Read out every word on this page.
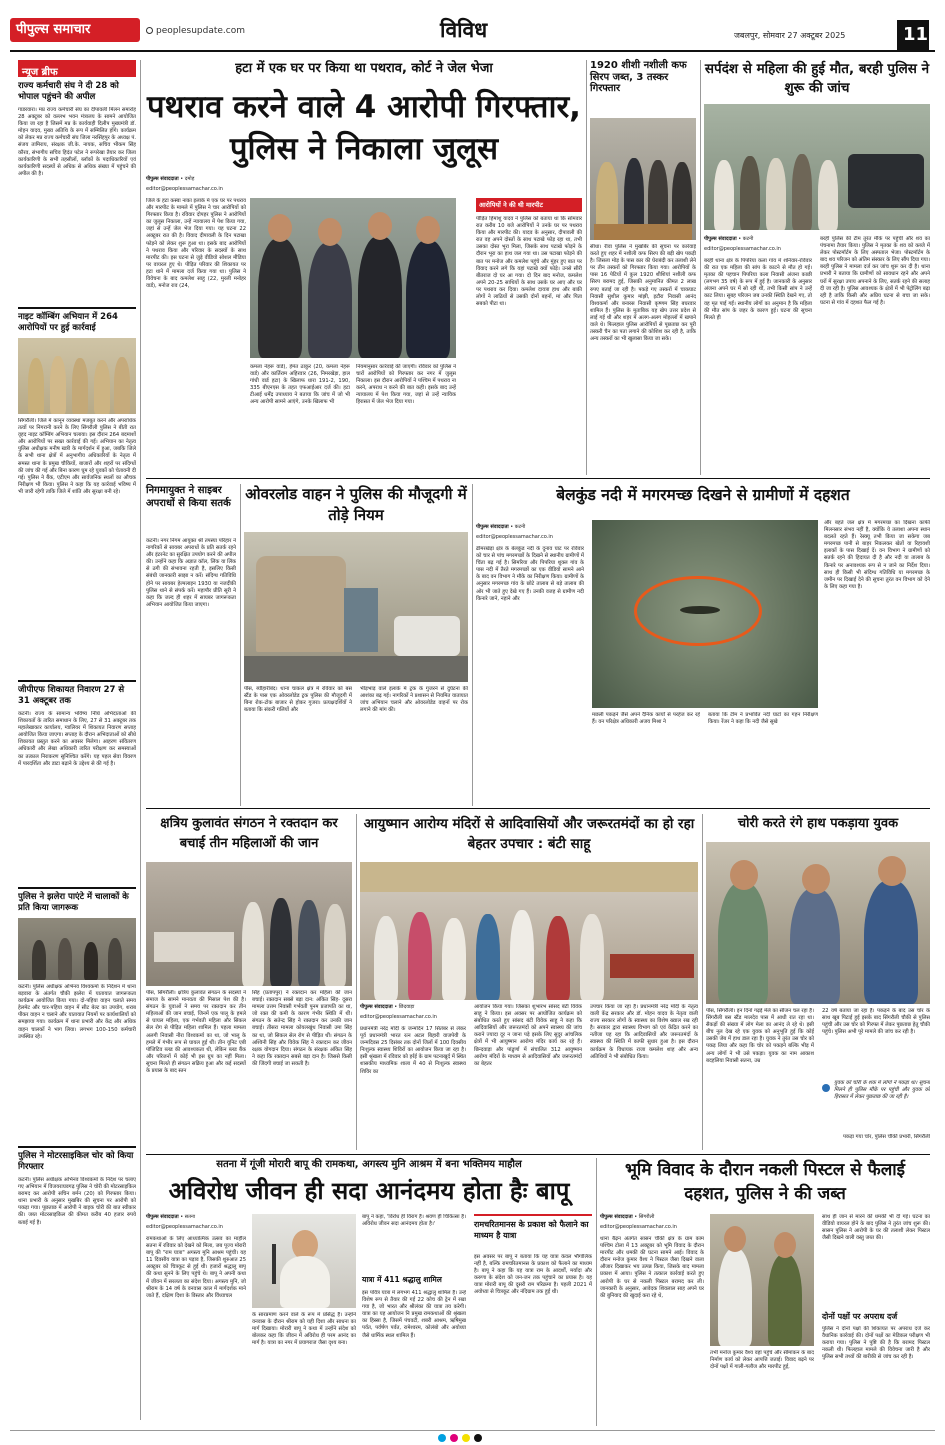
पीपुल्स समाचार	peoplesupdate.com	विविध	जबलपुर, सोमवार 27 अक्टूबर 2025	11
न्यूज ब्रीफ
राज्य कर्मचारी संघ ने दी 28 को भोपाल पहुंचने की अपील
गाडरवारा। मप्र राज्य कर्मचारी संघ का दीपावली मिलन समारोह 28 अक्टूबर को वल्लभ भवन मंत्रालय के सामने आयोजित किया जा रहा है जिसमें मप्र के कार्यवाही दिलीप मुख्यमंत्री डॉ. मोहन यादव, मुख्य अतिथि के रूप में सम्मिलित होंगे। कार्यक्रम को लेकर मप्र राज्य कर्मचारी संघ जिला नरसिंहपुर के अध्यक्ष पं. संजय तामिराय, संरक्षक जी.के. नायक, सचिव भीकम सिंह कौरव, संभागीय सचिव हिदंत पटेल ने रूपरेखा तैयार कर जिला कार्यकारिणी के सभी तहसीलों, ब्लॉकों के पदाधिकारियों एवं कार्यकारिणी सदस्यों से अधिक से अधिक संख्या में पहुंचने की अपील की है।
नाइट कॉम्बिंग अभियान में 264 आरोपियों पर हुई कार्रवाई
सिंगरौली। जिले में कानून व्यवस्था मजबूत करने और अपराधिक तत्वों पर निगरानी करने के लिए सिंगरौली पुलिस ने बीती रात वृहद नाइट कॉम्बिंग अभियान चलाया। इस दौरान 264 बदमाशों और आरोपियों पर सख्त कार्रवाई की गई। अभियान का नेतृत्व पुलिस अधीक्षक मनीष खत्री के मार्गदर्शन में हुआ, जबकि जिले के सभी थाना क्षेत्रों में अनुभागीय अधिकारियों के नेतृत्व में समस्त थाना के प्रमुख चौकियों, बाजारों और शहरों पर संदिग्धों की जांच की गई और बिना कारण घूम रहे युवकों को चेतावनी दी गई। पुलिस ने बैंक, एटीएम और सार्वजनिक स्थलों का औचक निरीक्षण भी किया। पुलिस ने कहा कि यह कार्रवाई भविष्य में भी जारी रहेगी ताकि जिले में शांति और सुरक्षा बनी रहे।
जीपीएफ शिकायत निवारण 27 से 31 अक्टूबर तक
कटनी। राज्य के सामान्य भविष्य निधि अभिदाताओं की शिकायतों के त्वरित समाधान के लिए, 27 से 31 अक्टूबर तक महालेखाकार कार्यालय, ग्वालियर में शिकायत निवारण सप्ताह आयोजित किया जाएगा। सप्ताह के दौरान अभिदाताओं को सीधे शिकायत प्रस्तुत करने का अवसर मिलेगा। आहरण संवितरण अधिकारी और लेखा अधिकारी त्वरित परीक्षण कर समस्याओं का तत्काल निराकरण सुनिश्चित करेंगे। यह पहल सेवा विवरण में पारदर्शिता और डाटा बढ़ाने के उद्देश्य से की गई है।
पुलिस ने झलेरा पाएंटे में चालाकों के प्रति किया जागरूक
कटनी। पुलिस अधीक्षक अभिनव विश्वकर्मा के निर्देशन में थाना बड़वारा के अंतर्गत चौकी झलेरा में यातायात जागरूकता कार्यक्रम आयोजित किया गया। दो-पहिया वाहन चलाते समय हेलमेट और चार-पहिया वाहन में सीट बेल्ट का उपयोग, शराब पीकर वाहन न चलाने और यातायात नियमों पर कार्यशालियों को समझाया गया। कार्यक्रम में थाना प्रभारी और केंद्र और अधिक वाहन चालकों ने भाग लिया। लगभग 100-150 कर्मचारी उपस्थित रहे।
पुलिस ने मोटरसाइकिल चोर को किया गिरफ्तार
कटनी। पुलिस अधीक्षक अभिनव विश्वकर्मा के निर्देश पर चलाए गए अभियान में विजयराघवगढ़ पुलिस ने चोरी की मोटरसाइकिल बरामद कर आरोपी सचिन बर्मन (20) को गिरफ्तार किया। थाना प्रभारी के अनुसार मुखबिर की सूचना पर आरोपी को पकड़ा गया। पूछताछ में आरोपी ने बाइक चोरी की बात स्वीकार की। जब्त मोटरसाइकिल की कीमत करीब 40 हजार रुपये बताई गई है।
हटा में एक घर पर किया था पथराव, कोर्ट ने जेल भेजा
पथराव करने वाले 4 आरोपी गिरफ्तार, पुलिस ने निकाला जुलूस
पीपुल्स संवाददाता • दमोह
editor@peoplessamachar.co.in
जिले के हटा कस्बा नाका इलाके में एक घर पर पथराव और मारपीट के मामले में पुलिस ने चार आरोपियों को गिरफ्तार किया है। रविवार दोपहर पुलिस ने आरोपियों का जुलूस निकाला, उन्हें न्यायालय में पेश किया गया, जहां से उन्हें जेल भेज दिया गया। यह घटना 22 अक्टूबर रात की है। विवाद दीपावली के दिन पटाखा फोड़ने को लेकर शुरू हुआ था। इसके बाद आरोपियों ने पथराव किया और परिवार के सदस्यों के साथ मारपीट की। इस घटना से जुड़े वीडियो सोशल मीडिया पर वायरल हुए थे। पीड़ित परिवार की शिकायत पर हटा थाने में मामला दर्ज किया गया था। पुलिस ने विवेचना के बाद कमलेश साहू (22, मुरली मनोहर वार्ड), मनोज राव (24,
कमला नेहरू वार्ड), हेमंत ठाकुर (20, कमला नेहरू वार्ड) और कार्तिराम अहिरवार (26, निमरखेड़ा, हाल गांधी वार्ड हटा) के खिलाफ धारा 191-2, 190, 335 बीएनएस के तहत एफआईआर दर्ज की। हटा टीआई धर्मेंद्र उपाध्याय ने बताया कि जांच में जो भी अन्य आरोपी सामने आएंगे, उनके खिलाफ भी
नियमानुसार कार्रवाई की जाएगी। रविवार को पुलिस ने चारों आरोपियों को गिरफ्तार कर नगर में जुलूस निकाला। इस दौरान आरोपियों ने पश्चिम में पथराव ना करने, अपराध न करने की बात कही। इसके बाद उन्हें न्यायालय में पेश किया गया, जहां से उन्हें न्यायिक हिरासत में जेल भेज दिया गया।
आरोपियों ने की थी मारपीट
पीड़ित हिमांशु यादव ने पुलिस को बताया था कि सोमवार रात करीब 10 बजे आरोपियों ने उनके घर पर पथराव किया और मारपीट की। यादव के अनुसार, दीपावली की रात वह अपने दोस्तों के साथ पटाखे फोड़ रहा था, तभी उसका दोस्त भूरा मिला, जिसके साथ पटाखे फोड़ने के दौरान भूरा का हाथ जल गया था। उस पटाखा फोड़ने की बात पर मनोज और कमलेश पहुंचे और मुंहर हुए बात पर विवाद करने लगे कि यहां पटाखे क्यों फोड़े। उनसे सीरी बीतराज दो घर आ गया। दो दिन बाद मनोज, कमलेश अपने 20-25 साथियों के साथ उसके घर आए और घर पर पथराव कर दिया। कमलेश दायत्रा हाथ और बाकी लोगों ने लाठियों से उसकी दोनों बहनों, मां और पिता सबको पीटा था।
1920 शीशी नशीली कफ सिरप जब्त, 3 तस्कर गिरफ्तार
सीधा। रीवा पुलिस ने मुखबिर की सूचना पर कार्रवाई करते हुए शहर में नशीली कफ सिरप की बड़ी खेप पकड़ी है। जिसला मोड़ के पास कार की घेराबंदी कर तलाशी लेने पर तीन तस्करों को गिरफ्तार किया गया। आरोपियों के पास 16 पेटियों में कुल 1920 शीशियां नशीली कफ सिरप बरामद हुई, जिसकी अनुमानित कीमत 2 लाख रुपए बताई जा रही है। पकड़े गए तस्करों में चाकघाट निवासी सुशील कुमार मांझी, इटौरा निवासी आनंद विश्वकर्मा और बनारस निवासी कृष्णम सिंह बघरवार शामिल हैं। पुलिस के मुताबिक यह खेप उत्तर प्रदेश से लाई गई थी और शहर में अलग-अलग मोहल्लों में खपाने वाले थे। फिलहाल पुलिस आरोपियों से पूछताछ कर पूरी तस्करी चैन का पता लगाने की कोशिश कर रही है, ताकि अन्य तस्करों का भी खुलासा किया जा सके।
सर्पदंश से महिला की हुई मौत, बरही पुलिस ने शुरू की जांच
पीपुल्स संवाददाता • कटनी
editor@peoplessamachar.co.in
बरही थाना क्षेत्र के पिपरिया कला गांव में शनिवार-रविवार की रात एक महिला की सांप के काटने से मौत हो गई। मृतका की पहचान पिपरिया कला निवासी अंजना काछी (लगभग 35 वर्ष) के रूप में हुई है। जानकारी के अनुसार अंजना अपने घर में सो रही थीं, तभी किसी सांप ने उन्हें काट लिया। सुबह परिजन जब उनकी स्थिति देखने गए, तो वह मृत पाई गईं। स्थानीय लोगों का अनुमान है कि महिला की मौत सांप के जहर के कारण हुई। घटना की सूचना मिलते ही
बरही पुलिस की टीम तुरंत मौके पर पहुंची और शव का पंचनामा तैयार किया। पुलिस ने मृतका के शव को कब्जे में लेकर पोस्टमॉर्टम के लिए अस्पताल भेजा। पोस्टमॉर्टम के बाद शव परिजन को अंतिम संस्कार के लिए सौंप दिया गया। बरही पुलिस ने मामला दर्ज कर जांच शुरू कर दी है। थाना प्रभारी ने बताया कि ग्रामीणों को सावधान रहने और अपने घरों में सुरक्षा उपाय अपनाने के लिए, सतर्क रहने की सलाह दी जा रही है। पुलिस आवश्यक के क्षेत्रों में भी पेट्रोलिंग बढ़ा रही है ताकि किसी और अप्रिय घटना से बचा जा सके। घटना से गांव में दहशत फैल गई है।
निगमायुक्त ने साइबर अपराधों से किया सतर्क
कटनी। नगर निगम आयुक्त श्री तपस्या परिहार ने नागरिकों से सायबर अपराधों के प्रति सतर्क रहने और इंटरनेट का सुरक्षित उपयोग करने की अपील की। उन्होंने कहा कि अज्ञात कॉल, लिंक या लिंक से ठगी की संभावना रहती है, इसलिए किसी संबंधी जानकारी साझा न करें। संदिग्ध गतिविधि होने पर सायबर हेल्पलाइन 1930 या नजदीकी पुलिस थाने से संपर्क करें। महापौर प्रीति सूरी ने कहा कि जल्द ही शहर में सायबर जागरूकता अभियान आयोजित किया जाएगा।
ओवरलोड वाहन ने पुलिस की मौजूदगी में तोड़े नियम
पीस, ब्यौहारीबंद। थाना चाकल क्षेत्र में रविवार को बस स्टैंड के पास एक ओवरलोडेड ट्रक पुलिस की मौजूदगी में बिना रोक-टोक बाजार से होकर गुजरा। प्रत्यक्षदर्शियों ने बताया कि संकरी गलियों और
भीड़भाड़ वाले इलाके में ट्रक के गुजरने से दुर्घटना की आशंका बढ़ गई। नागरिकों ने प्रशासन से नियमित यातायात जांच अभियान चलाने और ओवरलोडेड वाहनों पर रोक लगाने की मांग की।
बेलकुंड नदी में मगरमच्छ दिखने से ग्रामीणों में दहशत
पीपुल्स संवाददाता • कटनी
editor@peoplessamachar.co.in
ढीमरखेड़ा क्षेत्र के बेलकुंड नदी के दुनाव घाट पर रविवार को चार से पांच मगरमच्छों के दिखने से स्थानीय ग्रामीणों में चिंता बढ़ गई है। सिमरिया और पिपरिया शुक्ल गांव के पास नदी में तैरते मगरमच्छों का एक वीडियो सामने आने के बाद वन विभाग ने मौके का निरीक्षण किया। ग्रामीणों के अनुसार मगरमच्छ गांव के छोटे तालाब से बड़े तालाब की ओर भी जाते हुए देखे गए हैं। उनकी वजह से ग्रामीण नदी किनारे जाने, नहाने और
मछली पकड़ने जैसे अपने दैनिक कार्यों से परहेज कर रहे हैं। वन परिक्षेत्र अधिकारी अजय मिश्रा ने
बताया कि टीम ने प्रभावित नदी घाटों का गहन निरीक्षण किया। रेंजर ने कहा कि नदी जैसे सूखे
और बहते जल क्षेत्र में मगरमच्छ का दिखना काफी मिलनसार संभव नहीं है, क्योंकि ये तलाशा अपना स्थान बदलते रहते हैं। रेस्क्यू तभी किया जा सकेगा जब मगरमच्छ पानी से बाहर निकलकर खेतों या रिहायशी इलाकों के पास दिखाई दें। वन विभाग ने ग्रामीणों को सतर्क रहने की हिदायत दी है और नदी या तालाब के किनारे पर अनावश्यक रूप से न जाने का निर्देश दिया। साथ ही किसी भी संदिग्ध गतिविधि या मगरमच्छ के जमीन पर दिखाई देने की सूचना तुरंत वन विभाग को देने के लिए कहा गया है।
क्षत्रिय कुलावंत संगठन ने रक्तदान कर बचाई तीन महिलाओं की जान
पीस, सिंगरौली। क्षत्रिय कुलावंत संगठन के सदस्यों ने समाज के सामने मानवता की मिसाल पेश की है। संगठन के युवाओं ने समय पर रक्तदान कर तीन महिलाओं की जान बचाई, जिनमें एक पालू के हमले से घायल महिला, एक गर्भवती महिला और सिकल सेल रोग से पीड़ित महिला शामिल हैं। पहला मामला अलगी निवासी नीरा विश्वकर्मा का था, जो भालू के हमले में गंभीर रूप से घायल हुई थीं। तीन यूनिट एबी पॉजिटिव ब्लड की आवश्यकता थी, लेकिन ब्लड बैंक और परिजनों में कोई भी इस ग्रुप का नहीं मिला। सूचना मिलते ही संगठन सक्रिय हुआ और कई सदस्यों के प्रयास के बाद स्तन
सिंह (प्रतापपुर) ने रक्तदान कर महिला की जान बचाई। रक्तदान सबसे बड़ा दान: अंकित सिंह- दूसरा मामला उत्तम निवासी गर्भवती पूनम प्रजापति का था, जो रक्त की कमी के कारण गंभीर स्थिति में थीं। संगठन के सतेन्द्र सिंह ने रक्तदान कर उनकी जान बचाई। तीसरा मामला कोयलखुंथ निवासी उमा सिंह का था, जो सिकल सेल रोग से पीड़ित थीं। संगठन के अश्विनी सिंह और विवेक सिंह ने रक्तदान कर जीवन रक्षक योगदान दिया। संगठन के संरक्षक अंकित सिंह ने कहा कि रक्तदान सबसे बड़ा दान है। जिससे किसी की जिंदगी बचाई जा सकती है।
आयुष्मान आरोग्य मंदिरों से आदिवासियों और जरूरतमंदों का हो रहा बेहतर उपचार : बंटी साहू
पीपुल्स संवाददाता • छिंदवाड़ा
editor@peoplessamachar.co.in
प्रधानमंत्री नरेंद्र मोदी के जन्मदिन 17 सितंबर से लेकर पूर्व प्रधानमंत्री भारत रत्न अटल बिहारी वाजपेयी के जन्मदिवस 25 दिसंबर तक दोनों जिलों में 100 दिवसीय निःशुल्क स्वास्थ्य शिविरों का आयोजन किया जा रहा है। इसी श्रृंखला में रविवार को हर्रई के ग्राम पटनाखुर्द में स्थित शासकीय माध्यमिक शाला में 40 से निःशुल्क स्वास्थ्य शिविर का
आयोजन किया गया। जिसका शुभारंभ सांसद बंटी विवेक साहू ने किया। इस अवसर पर आयोजित कार्यक्रम को संबोधित करते हुए सांसद बंटी विवेक साहू ने कहा कि आदिवासियों और जरूरतमंदों को अपने स्वास्थ्य की जांच कराने ज्यादा दूर न जाना पड़े इसके लिए सुदूर आंचलिक क्षेत्रों में भी आयुष्मान आरोग्य मंदिर कार्य कर रहे हैं। छिन्दवाड़ा और पांढुर्णा में संचालित 312 आयुष्मान आरोग्य मंदिरों के माध्यम से आदिवासियों और जरूरतमंदों का बेहतर
उपचार किया जा रहा है। प्रधानमंत्री नरेंद्र मोदी के नेतृत्व वाली केंद्र सरकार और डॉ. मोहन यादव के नेतृत्व वाली राज्य सरकार लोगों के स्वास्थ्य का विशेष ख्याल रख रही है। सरकार द्वारा स्वास्थ्य विभाग को एवं केंद्रित करने का नतीजा यह रहा कि आदिवासियों और जरूरतमंदों के स्वास्थ्य की स्थिति में काफी सुधार हुआ है। इस दौरान कार्यक्रम के विधायक राजा कमलेश शाह और अन्य अतिथियों ने भी संबोधित किया।
चोरी करते रंगे हाथ पकड़ाया युवक
पीस, सिंगरौली। इन दिनों गढ़ई मेले का सीजन चल रहा है। सिंगरौली बस स्टैंड मालदेव पास में आधी रात रहा था। सैकड़ों की संख्या में लोग मेला का आनंद ले रहे थे। इसी बीच नूल देख रहे एक युवक को अनुभूति हुई कि कोई उसकी जेब में हाथ डाल रहा है। युवक ने तुरंत उस चोर को पकड़ लिया और कहा कि चोर को पकड़ने बल्कि भीड़ में अन्य लोगों ने भी उसे पकड़ा। युवक का नाम आकाश बदहलिया निवासी सतना, उम्र
22 वर्ष बताया जा रहा है। पकड़ने के बाद उस चोर के साथ खूब पिटाई हुई इसके बाद सिंगरौली चौकी से पुलिस पहुंची और उस चोर को गिरफ्त में लेकर पूछताछ हेतु चौकी पहुंचे। पुलिस अभी पूरे मामले की जांच कर रही है।
युवक को चोरी के शक में लोगों ने पकड़ा था। सूचना मिलने ही पुलिस मौके पर पहुंची और युवक को हिरासत में लेकर पूछताछ की जा रही है।
पकड़ा गया चोर, पुलिस चौकी प्रभारी, सिंगरौली
सतना में गूंजी मोरारी बापू की रामकथा, अगस्त्य मुनि आश्रम में बना भक्तिमय माहौल
अविरोध जीवन ही सदा आनंदमय होता हैः बापू
पीपुल्स संवाददाता • सतना
editor@peoplessamachar.co.in
रामकथाओं के लिए आध्यात्मिक उत्सव का माहौल सतना में रविवार को देखने को मिला, जब पूज्य मोरारी बापू की "राम यात्रा" अगस्त्य मुनि आश्रम पहुंची। यह 11 दिवसीय यात्रा का पड़ाव है, जिसकी शुरुआत 25 अक्टूबर को चित्रकूट से हुई थी। हजारों श्रद्धालु बापू की कथा सुनने के लिए पहुंचे थे। बापू ने अपनी कथा में जीवन में सरलता का संदेश दिया। अगस्त्य मुनि, जो श्रीराम के 14 वर्ष के वनवास काल में मार्गदर्शक माने जाते हैं, दक्षिण दिशा के विस्तार और विंध्याचल
के सारप्रमाण करने वाले के रूप में प्रसिद्ध हैं। उन्होंने वनवास के दौरान श्रीराम को यही दिशा और साधना का मार्ग दिखाया। मोरारी बापू ने कथा में उन्होंने संदेश को बोलकर कहा कि जीवन में अविरोध ही परम आनंद का मार्ग है। यात्रा का नगर में प्रयागराज जैसा दृश्य बना।
बापू ने कहा, 'विरोध ही विराग है। श्रवण ही चिकित्सा है। अविरोध जीवन सदा आनंदमय होता है।'
यात्रा में 411 श्रद्धालु शामिल
इस पवित्र यात्रा में लगभग 411 श्रद्धालु शामिल हैं। उन्हें विशेष रूप से तैयार की गई 22 कोच की ट्रेन में रखा गया है, जो भारत और श्रीलंका की यात्रा तय करेगी। यात्रा का यह आयोजन नि प्रमुख रामकथाओं की श्रृंखला का हिस्सा है, जिसमें पंचवटी, शबरी आश्रम, ऋषिमुख पर्वत, पर्वर्षण पर्वत, रामेश्वरम, कोलंबो और अयोध्या जैसे धार्मिक स्थल शामिल हैं।
रामचरितमानस के प्रकाश को फैलाने का माध्यम है यात्रा
इस अवसर पर बापू ने बताया कि यह यात्रा केवल भौगोलिक नहीं है, बल्कि रामचरितमानस के प्रकाश को फैलाने का माध्यम है। बापू ने कहा कि यह यात्रा राम के आदर्शों, मर्यादा और करुणा के संदेश को जन-जन तक पहुंचाने का प्रयास है। यह यात्रा मोरारी बापू की दूसरी राम परिक्रमा है। पहली 2021 में अयोध्या से चित्रकूट और नंदिग्राम तक हुई थी।
भूमि विवाद के दौरान नकली पिस्टल से फैलाई दहशत, पुलिस ने की जब्त
पीपुल्स संवाददाता • सिंगरौली
editor@peoplessamachar.co.in
थाना बैढ़न अंतर्गत सासन चौकी क्षेत्र के ग्राम काम पश्चिम टोला में 13 अक्टूबर को भूमि विवाद के दौरान मारपीट और धमकी की घटना सामने आई। विवाद के दौरान मनोज कुमार वैश्य ने पिस्टल जैसा दिखने वाला औजार दिखाकर भय उत्पन्न किया, जिसके बाद मामला प्रकाश में आया। पुलिस ने तत्काल कार्रवाई करते हुए आरोपी के घर से नकली पिस्टल बरामद कर ली। जानकारी के अनुसार, आवेदक शिवलाल साह अपने घर की बुनियाद की खुदाई करा रहे थे,
तभी मनोज कुमार वैश्य वहां पहुंचे और सीमांकन के बाद निर्माण कार्य को लेकर आपत्ति जताई। विवाद बढ़ने पर दोनों पक्षों में गाली-गलौज और मारपीट हुई,
साथ ही जान से मारने की धमकी भी दी गई। घटना का वीडियो वायरल होने के बाद पुलिस ने तुरंत जांच शुरू की। सासन पुलिस ने आरोपी के घर की तलाशी लेकर पिस्टल जैसी दिखने वाली वस्तु जब्त की।
दोनों पक्षों पर अपराध दर्ज
पुलिस ने दोनों पक्षों की शिकायत पर अपराध दर्ज कर वैधानिक कार्रवाई की। दोनों पक्षों का मेडिकल परीक्षण भी कराया गया। पुलिस ने पुष्टि की है कि बरामद पिस्टल नकली थी। फिलहाल मामले की विवेचना जारी है और पुलिस सभी तथ्यों की बारीकी से जांच कर रही है।
